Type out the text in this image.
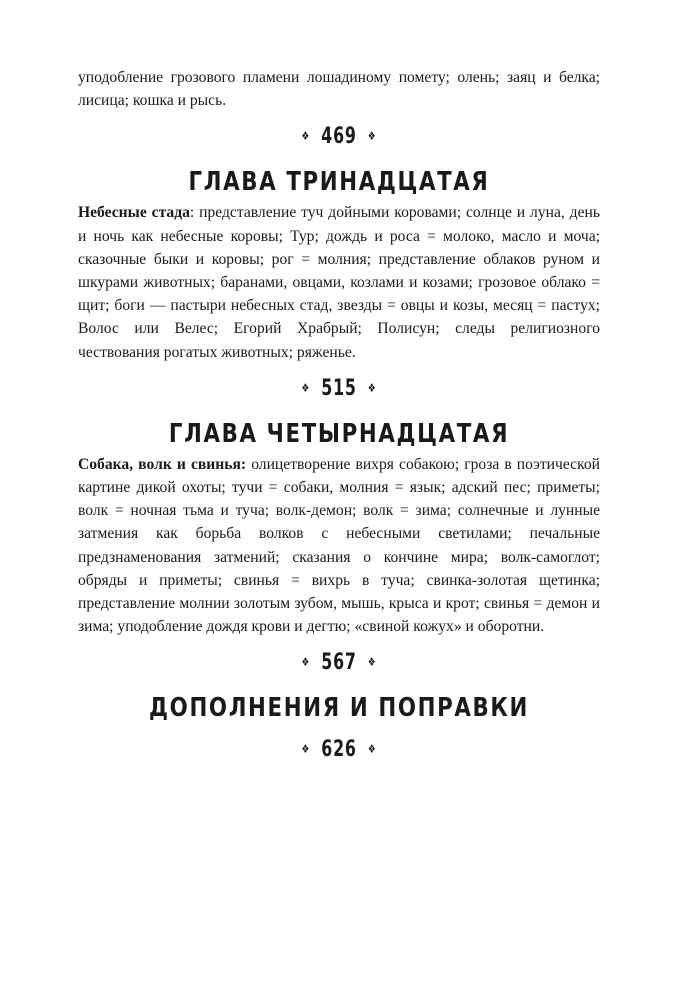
уподобление грозового пламени лошадиному помету; олень; заяц и белка; лисица; кошка и рысь.

❖ 469 ❖
ГЛАВА ТРИНАДЦАТАЯ

Небесные стада: представление туч дойными коровами; солнце и луна, день и ночь как небесные коровы; Тур; дождь и роса = молоко, масло и моча; сказочные быки и коровы; рог = молния; представление облаков руном и шкурами животных; баранами, овцами, козлами и козами; грозовое облако = щит; боги — пастыри небесных стад, звезды = овцы и козы, месяц = пастух; Волос или Велес; Егорий Храбрый; Полисун; следы религиозного чествования рогатых животных; ряженье.

❖ 515 ❖
ГЛАВА ЧЕТЫРНАДЦАТАЯ

Собака, волк и свинья: олицетворение вихря собакою; гроза в поэтической картине дикой охоты; тучи = собаки, молния = язык; адский пес; приметы; волк = ночная тьма и туча; волк-демон; волк = зима; солнечные и лунные затмения как борьба волков с небесными светилами; печальные предзнаменования затмений; сказания о кончине мира; волк-самоглот; обряды и приметы; свинья = вихрь в туча; свинка-золотая щетинка; представление молнии золотым зубом, мышь, крыса и крот; свинья = демон и зима; уподобление дождя крови и дегтю; «свиной кожух» и оборотни.

❖ 567 ❖
ДОПОЛНЕНИЯ И ПОПРАВКИ
❖ 626 ❖
